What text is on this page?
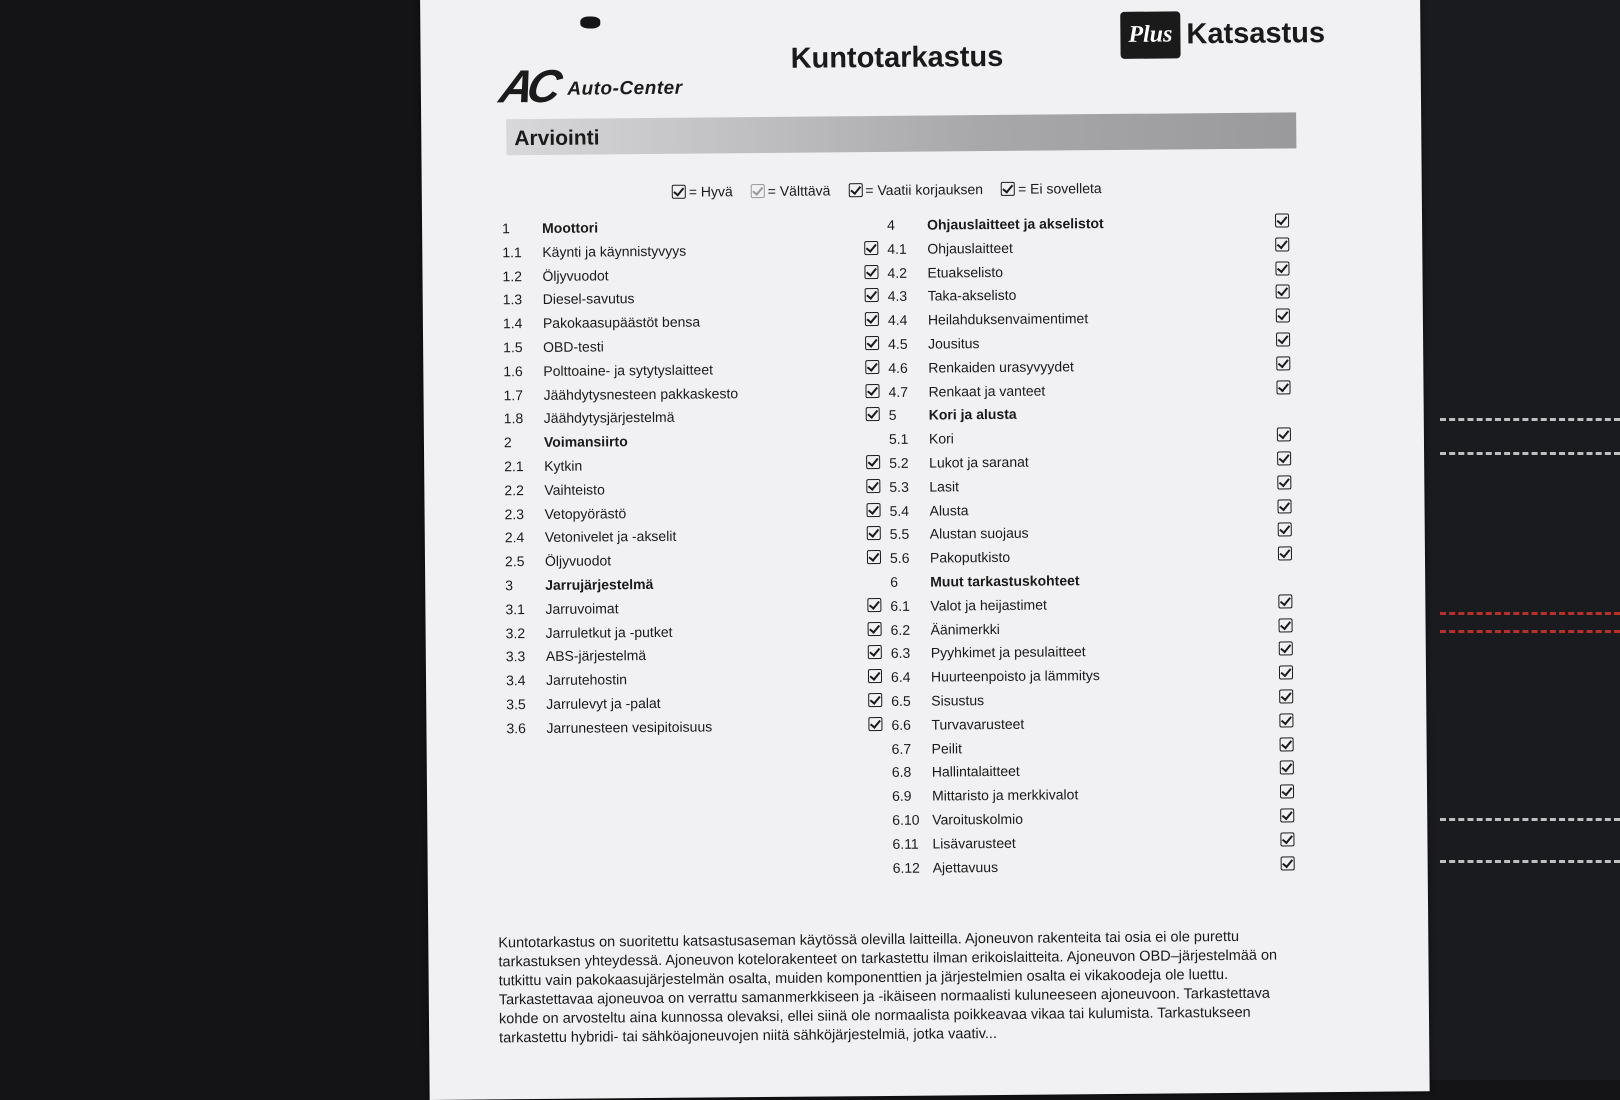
AC Auto-Center
Kuntotarkastus
Plus Katsastus
Arviointi
= Hyvä = Välttävä = Vaatii korjauksen = Ei sovelleta
1 Moottori
1.1 Käynti ja käynnistyvyys
1.2 Öljyvuodot
1.3 Diesel-savutus
1.4 Pakokaasupäästöt bensa
1.5 OBD-testi
1.6 Polttoaine- ja sytytyslaitteet
1.7 Jäähdytysnesteen pakkaskesto
1.8 Jäähdytysjärjestelmä
2 Voimansiirto
2.1 Kytkin
2.2 Vaihteisto
2.3 Vetopyörästö
2.4 Vetonivelet ja -akselit
2.5 Öljyvuodot
3 Jarrujärjestelmä
3.1 Jarruvoimat
3.2 Jarruletkut ja -putket
3.3 ABS-järjestelmä
3.4 Jarrutehostin
3.5 Jarrulevyt ja -palat
3.6 Jarrunesteen vesipitoisuus
4 Ohjauslaitteet ja akselistot
4.1 Ohjauslaitteet
4.2 Etuakselisto
4.3 Taka-akselisto
4.4 Heilahduksenvaimentimet
4.5 Jousitus
4.6 Renkaiden urasyvyydet
4.7 Renkaat ja vanteet
5 Kori ja alusta
5.1 Kori
5.2 Lukot ja saranat
5.3 Lasit
5.4 Alusta
5.5 Alustan suojaus
5.6 Pakoputkisto
6 Muut tarkastuskohteet
6.1 Valot ja heijastimet
6.2 Äänimerkki
6.3 Pyyhkimet ja pesulaitteet
6.4 Huurteenpoisto ja lämmitys
6.5 Sisustus
6.6 Turvavarusteet
6.7 Peilit
6.8 Hallintalaitteet
6.9 Mittaristo ja merkkivalot
6.10 Varoituskolmio
6.11 Lisävarusteet
6.12 Ajettavuus
Kuntotarkastus on suoritettu katsastusaseman käytössä olevilla laitteilla. Ajoneuvon rakenteita tai osia ei ole purettu
tarkastuksen yhteydessä. Ajoneuvon kotelorakenteet on tarkastettu ilman erikoislaitteita. Ajoneuvon OBD–järjestelmää on
tutkittu vain pakokaasujärjestelmän osalta, muiden komponenttien ja järjestelmien osalta ei vikakoodeja ole luettu.
Tarkastettavaa ajoneuvoa on verrattu samanmerkkiseen ja -ikäiseen normaalisti kuluneeseen ajoneuvoon. Tarkastettava
kohde on arvosteltu aina kunnossa olevaksi, ellei siinä ole normaalista poikkeavaa vikaa tai kulumista. Tarkastukseen
tarkastettu hybridi- tai sähköajoneuvojen niitä sähköjärjestelmiä, jotka vaativ...
